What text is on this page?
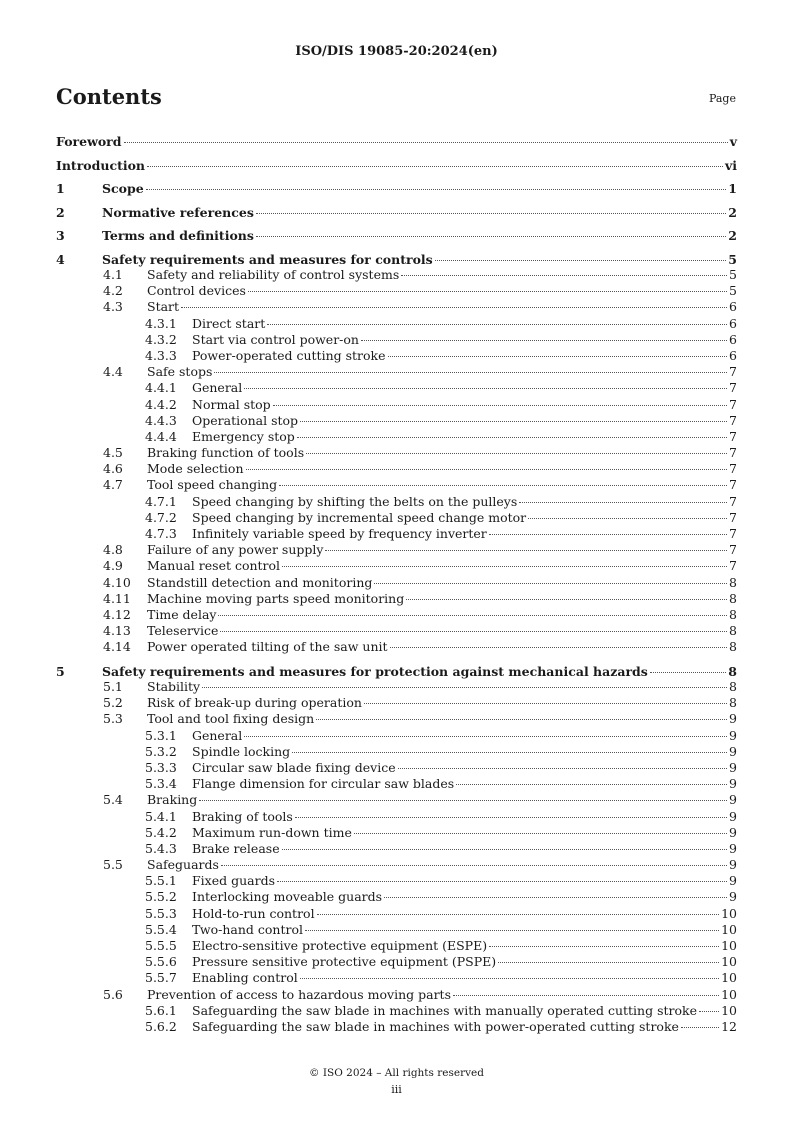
ISO/DIS 19085-20:2024(en)
Contents	Page
Foreword	v
Introduction	vi
1	Scope	1
2	Normative references	2
3	Terms and definitions	2
4	Safety requirements and measures for controls	5
4.1 Safety and reliability of control systems	5
4.2 Control devices	5
4.3 Start	6
4.3.1 Direct start	6
4.3.2 Start via control power-on	6
4.3.3 Power-operated cutting stroke	6
4.4 Safe stops	7
4.4.1 General	7
4.4.2 Normal stop	7
4.4.3 Operational stop	7
4.4.4 Emergency stop	7
4.5 Braking function of tools	7
4.6 Mode selection	7
4.7 Tool speed changing	7
4.7.1 Speed changing by shifting the belts on the pulleys	7
4.7.2 Speed changing by incremental speed change motor	7
4.7.3 Infinitely variable speed by frequency inverter	7
4.8 Failure of any power supply	7
4.9 Manual reset control	7
4.10 Standstill detection and monitoring	8
4.11 Machine moving parts speed monitoring	8
4.12 Time delay	8
4.13 Teleservice	8
4.14 Power operated tilting of the saw unit	8
5	Safety requirements and measures for protection against mechanical hazards	8
5.1 Stability	8
5.2 Risk of break-up during operation	8
5.3 Tool and tool fixing design	9
5.3.1 General	9
5.3.2 Spindle locking	9
5.3.3 Circular saw blade fixing device	9
5.3.4 Flange dimension for circular saw blades	9
5.4 Braking	9
5.4.1 Braking of tools	9
5.4.2 Maximum run-down time	9
5.4.3 Brake release	9
5.5 Safeguards	9
5.5.1 Fixed guards	9
5.5.2 Interlocking moveable guards	9
5.5.3 Hold-to-run control	10
5.5.4 Two-hand control	10
5.5.5 Electro-sensitive protective equipment (ESPE)	10
5.5.6 Pressure sensitive protective equipment (PSPE)	10
5.5.7 Enabling control	10
5.6 Prevention of access to hazardous moving parts	10
5.6.1 Safeguarding the saw blade in machines with manually operated cutting stroke 10
5.6.2 Safeguarding the saw blade in machines with power-operated cutting stroke	12
© ISO 2024 – All rights reserved
iii
